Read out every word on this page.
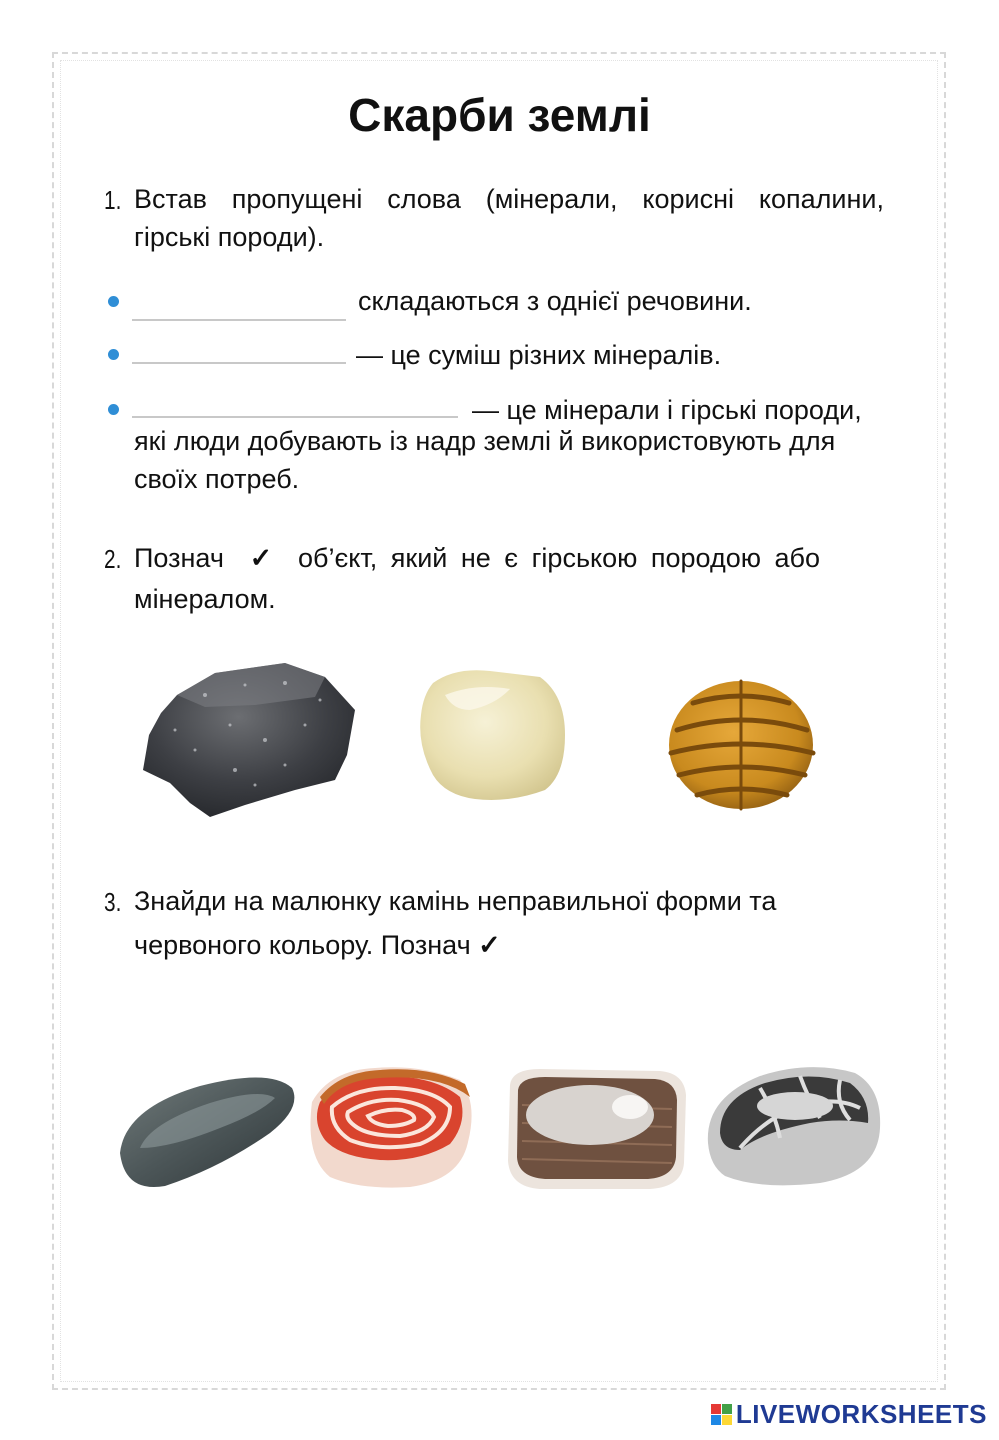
Скарби землі
1. Встав пропущені слова (мінерали, корисні копалини,
гірські породи).
складаються з однієї речовини.
— це суміш різних мінералів.
— це мінерали і гірські породи,
які люди добувають із надр землі й використовують для
своїх потреб.
2. Познач ✓ об’єкт, який не є гірською породою або
мінералом.
3. Знайди на малюнку камінь неправильної форми та
червоного кольору. Познач ✓
LIVEWORKSHEETS
